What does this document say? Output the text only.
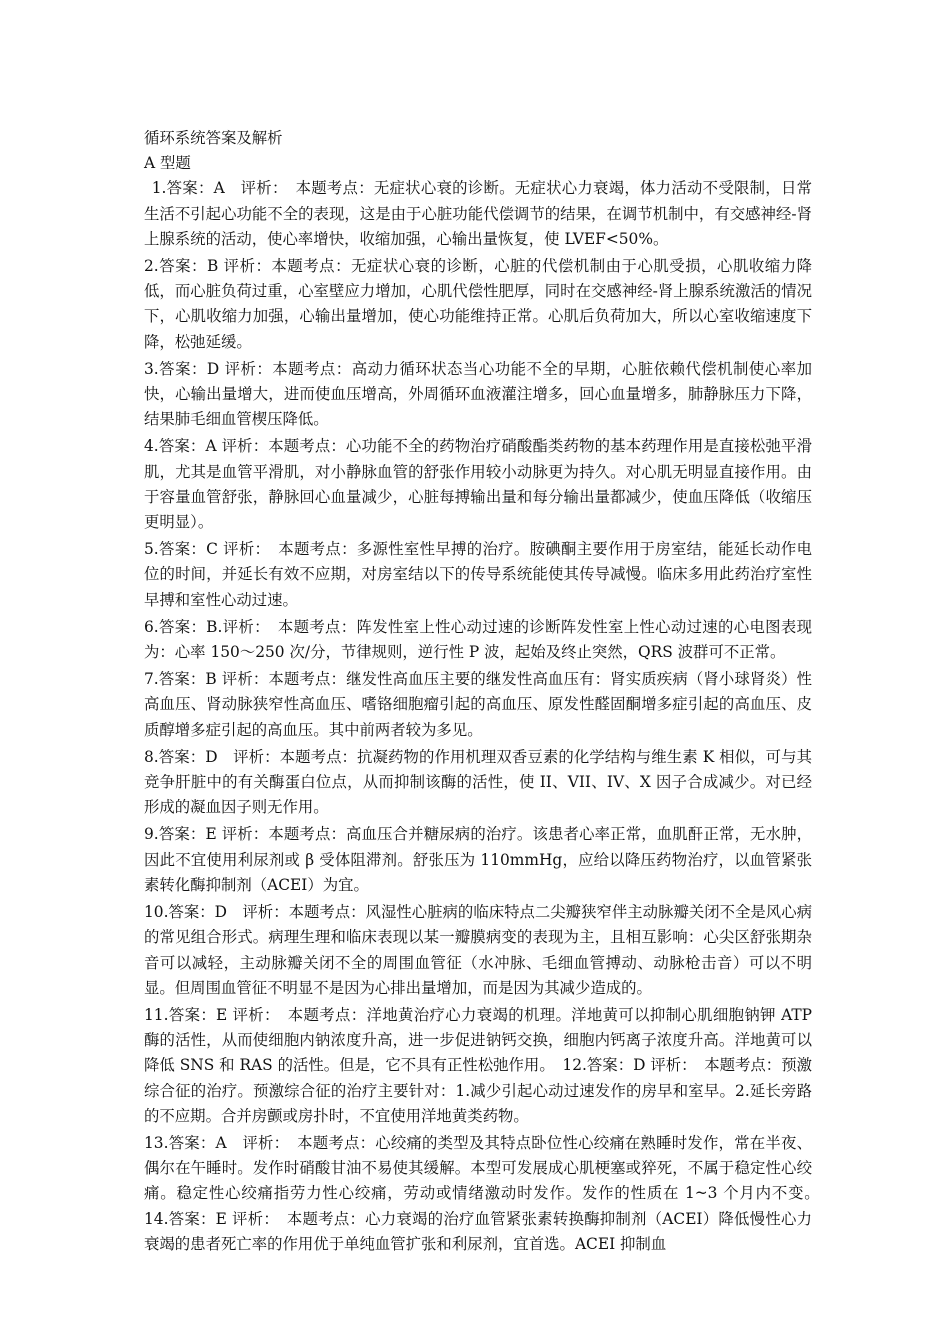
循环系统答案及解析
A 型题

1.答案：A　评析：　本题考点：无症状心衰的诊断。无症状心力衰竭，体力活动不受限制，日常生活不引起心功能不全的表现，这是由于心脏功能代偿调节的结果，在调节机制中，有交感神经-肾上腺系统的活动，使心率增快，收缩加强，心输出量恢复，使 LVEF<50%。

2.答案：B 评析：本题考点：无症状心衰的诊断，心脏的代偿机制由于心肌受损，心肌收缩力降低，而心脏负荷过重，心室壁应力增加，心肌代偿性肥厚，同时在交感神经-肾上腺系统激活的情况下，心肌收缩力加强，心输出量增加，使心功能维持正常。心肌后负荷加大，所以心室收缩速度下降，松弛延缓。

3.答案：D 评析：本题考点：高动力循环状态当心功能不全的早期，心脏依赖代偿机制使心率加快，心输出量增大，进而使血压增高，外周循环血液灌注增多，回心血量增多，肺静脉压力下降，结果肺毛细血管楔压降低。

4.答案：A 评析：本题考点：心功能不全的药物治疗硝酸酯类药物的基本药理作用是直接松弛平滑肌，尤其是血管平滑肌，对小静脉血管的舒张作用较小动脉更为持久。对心肌无明显直接作用。由于容量血管舒张，静脉回心血量减少，心脏每搏输出量和每分输出量都减少，使血压降低（收缩压更明显）。

5.答案：C 评析：　本题考点：多源性室性早搏的治疗。胺碘酮主要作用于房室结，能延长动作电位的时间，并延长有效不应期，对房室结以下的传导系统能使其传导减慢。临床多用此药治疗室性早搏和室性心动过速。

6.答案：B.评析：　本题考点：阵发性室上性心动过速的诊断阵发性室上性心动过速的心电图表现为：心率 150～250 次/分，节律规则，逆行性 P 波，起始及终止突然，QRS 波群可不正常。

7.答案：B 评析：本题考点：继发性高血压主要的继发性高血压有：肾实质疾病（肾小球肾炎）性高血压、肾动脉狭窄性高血压、嗜铬细胞瘤引起的高血压、原发性醛固酮增多症引起的高血压、皮质醇增多症引起的高血压。其中前两者较为多见。

8.答案：D　评析：本题考点：抗凝药物的作用机理双香豆素的化学结构与维生素 K 相似，可与其竞争肝脏中的有关酶蛋白位点，从而抑制该酶的活性，使 II、VII、IV、X 因子合成减少。对已经形成的凝血因子则无作用。

9.答案：E 评析：本题考点：高血压合并糖尿病的治疗。该患者心率正常，血肌酐正常，无水肿，因此不宜使用利尿剂或 β 受体阻滞剂。舒张压为 110mmHg，应给以降压药物治疗，以血管紧张素转化酶抑制剂（ACEI）为宜。

10.答案：D　评析：本题考点：风湿性心脏病的临床特点二尖瓣狭窄伴主动脉瓣关闭不全是风心病的常见组合形式。病理生理和临床表现以某一瓣膜病变的表现为主，且相互影响：心尖区舒张期杂音可以减轻，主动脉瓣关闭不全的周围血管征（水冲脉、毛细血管搏动、动脉枪击音）可以不明显。但周围血管征不明显不是因为心排出量增加，而是因为其减少造成的。

11.答案：E 评析：　本题考点：洋地黄治疗心力衰竭的机理。洋地黄可以抑制心肌细胞钠钾 ATP 酶的活性，从而使细胞内钠浓度升高，进一步促进钠钙交换，细胞内钙离子浓度升高。洋地黄可以降低 SNS 和 RAS 的活性。但是，它不具有正性松弛作用。　12.答案：D 评析：　本题考点：预激综合征的治疗。预激综合征的治疗主要针对：1.减少引起心动过速发作的房早和室早。2.延长旁路的不应期。合并房颤或房扑时，不宜使用洋地黄类药物。

13.答案：A　评析：　本题考点：心绞痛的类型及其特点卧位性心绞痛在熟睡时发作，常在半夜、偶尔在午睡时。发作时硝酸甘油不易使其缓解。本型可发展成心肌梗塞或猝死，不属于稳定性心绞痛。稳定性心绞痛指劳力性心绞痛，劳动或情绪激动时发作。发作的性质在 1~3 个月内不变。　14.答案：E 评析：　本题考点：心力衰竭的治疗血管紧张素转换酶抑制剂（ACEI）降低慢性心力衰竭的患者死亡率的作用优于单纯血管扩张和利尿剂，宜首选。ACEI 抑制血
